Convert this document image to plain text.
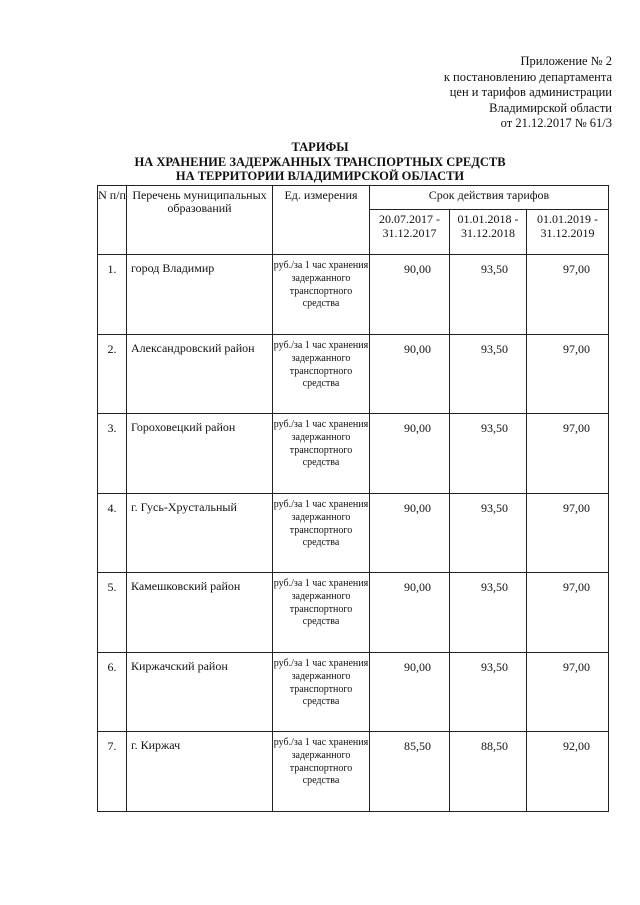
Приложение № 2
к постановлению департамента
цен и тарифов администрации
Владимирской области
от 21.12.2017 № 61/3
ТАРИФЫ
НА ХРАНЕНИЕ ЗАДЕРЖАННЫХ ТРАНСПОРТНЫХ СРЕДСТВ
НА ТЕРРИТОРИИ ВЛАДИМИРСКОЙ ОБЛАСТИ
N п/п	Перечень муниципальных образований	Ед. измерения	Срок действия тарифов		
			20.07.2017 - 31.12.2017	01.01.2018 - 31.12.2018	01.01.2019 - 31.12.2019
1.	город Владимир	руб./за 1 час хранения задержанного транспортного средства	90,00	93,50	97,00
2.	Александровский район	руб./за 1 час хранения задержанного транспортного средства	90,00	93,50	97,00
3.	Гороховецкий район	руб./за 1 час хранения задержанного транспортного средства	90,00	93,50	97,00
4.	г. Гусь-Хрустальный	руб./за 1 час хранения задержанного транспортного средства	90,00	93,50	97,00
5.	Камешковский район	руб./за 1 час хранения задержанного транспортного средства	90,00	93,50	97,00
6.	Киржачский район	руб./за 1 час хранения задержанного транспортного средства	90,00	93,50	97,00
7.	г. Киржач	руб./за 1 час хранения задержанного транспортного средства	85,50	88,50	92,00
